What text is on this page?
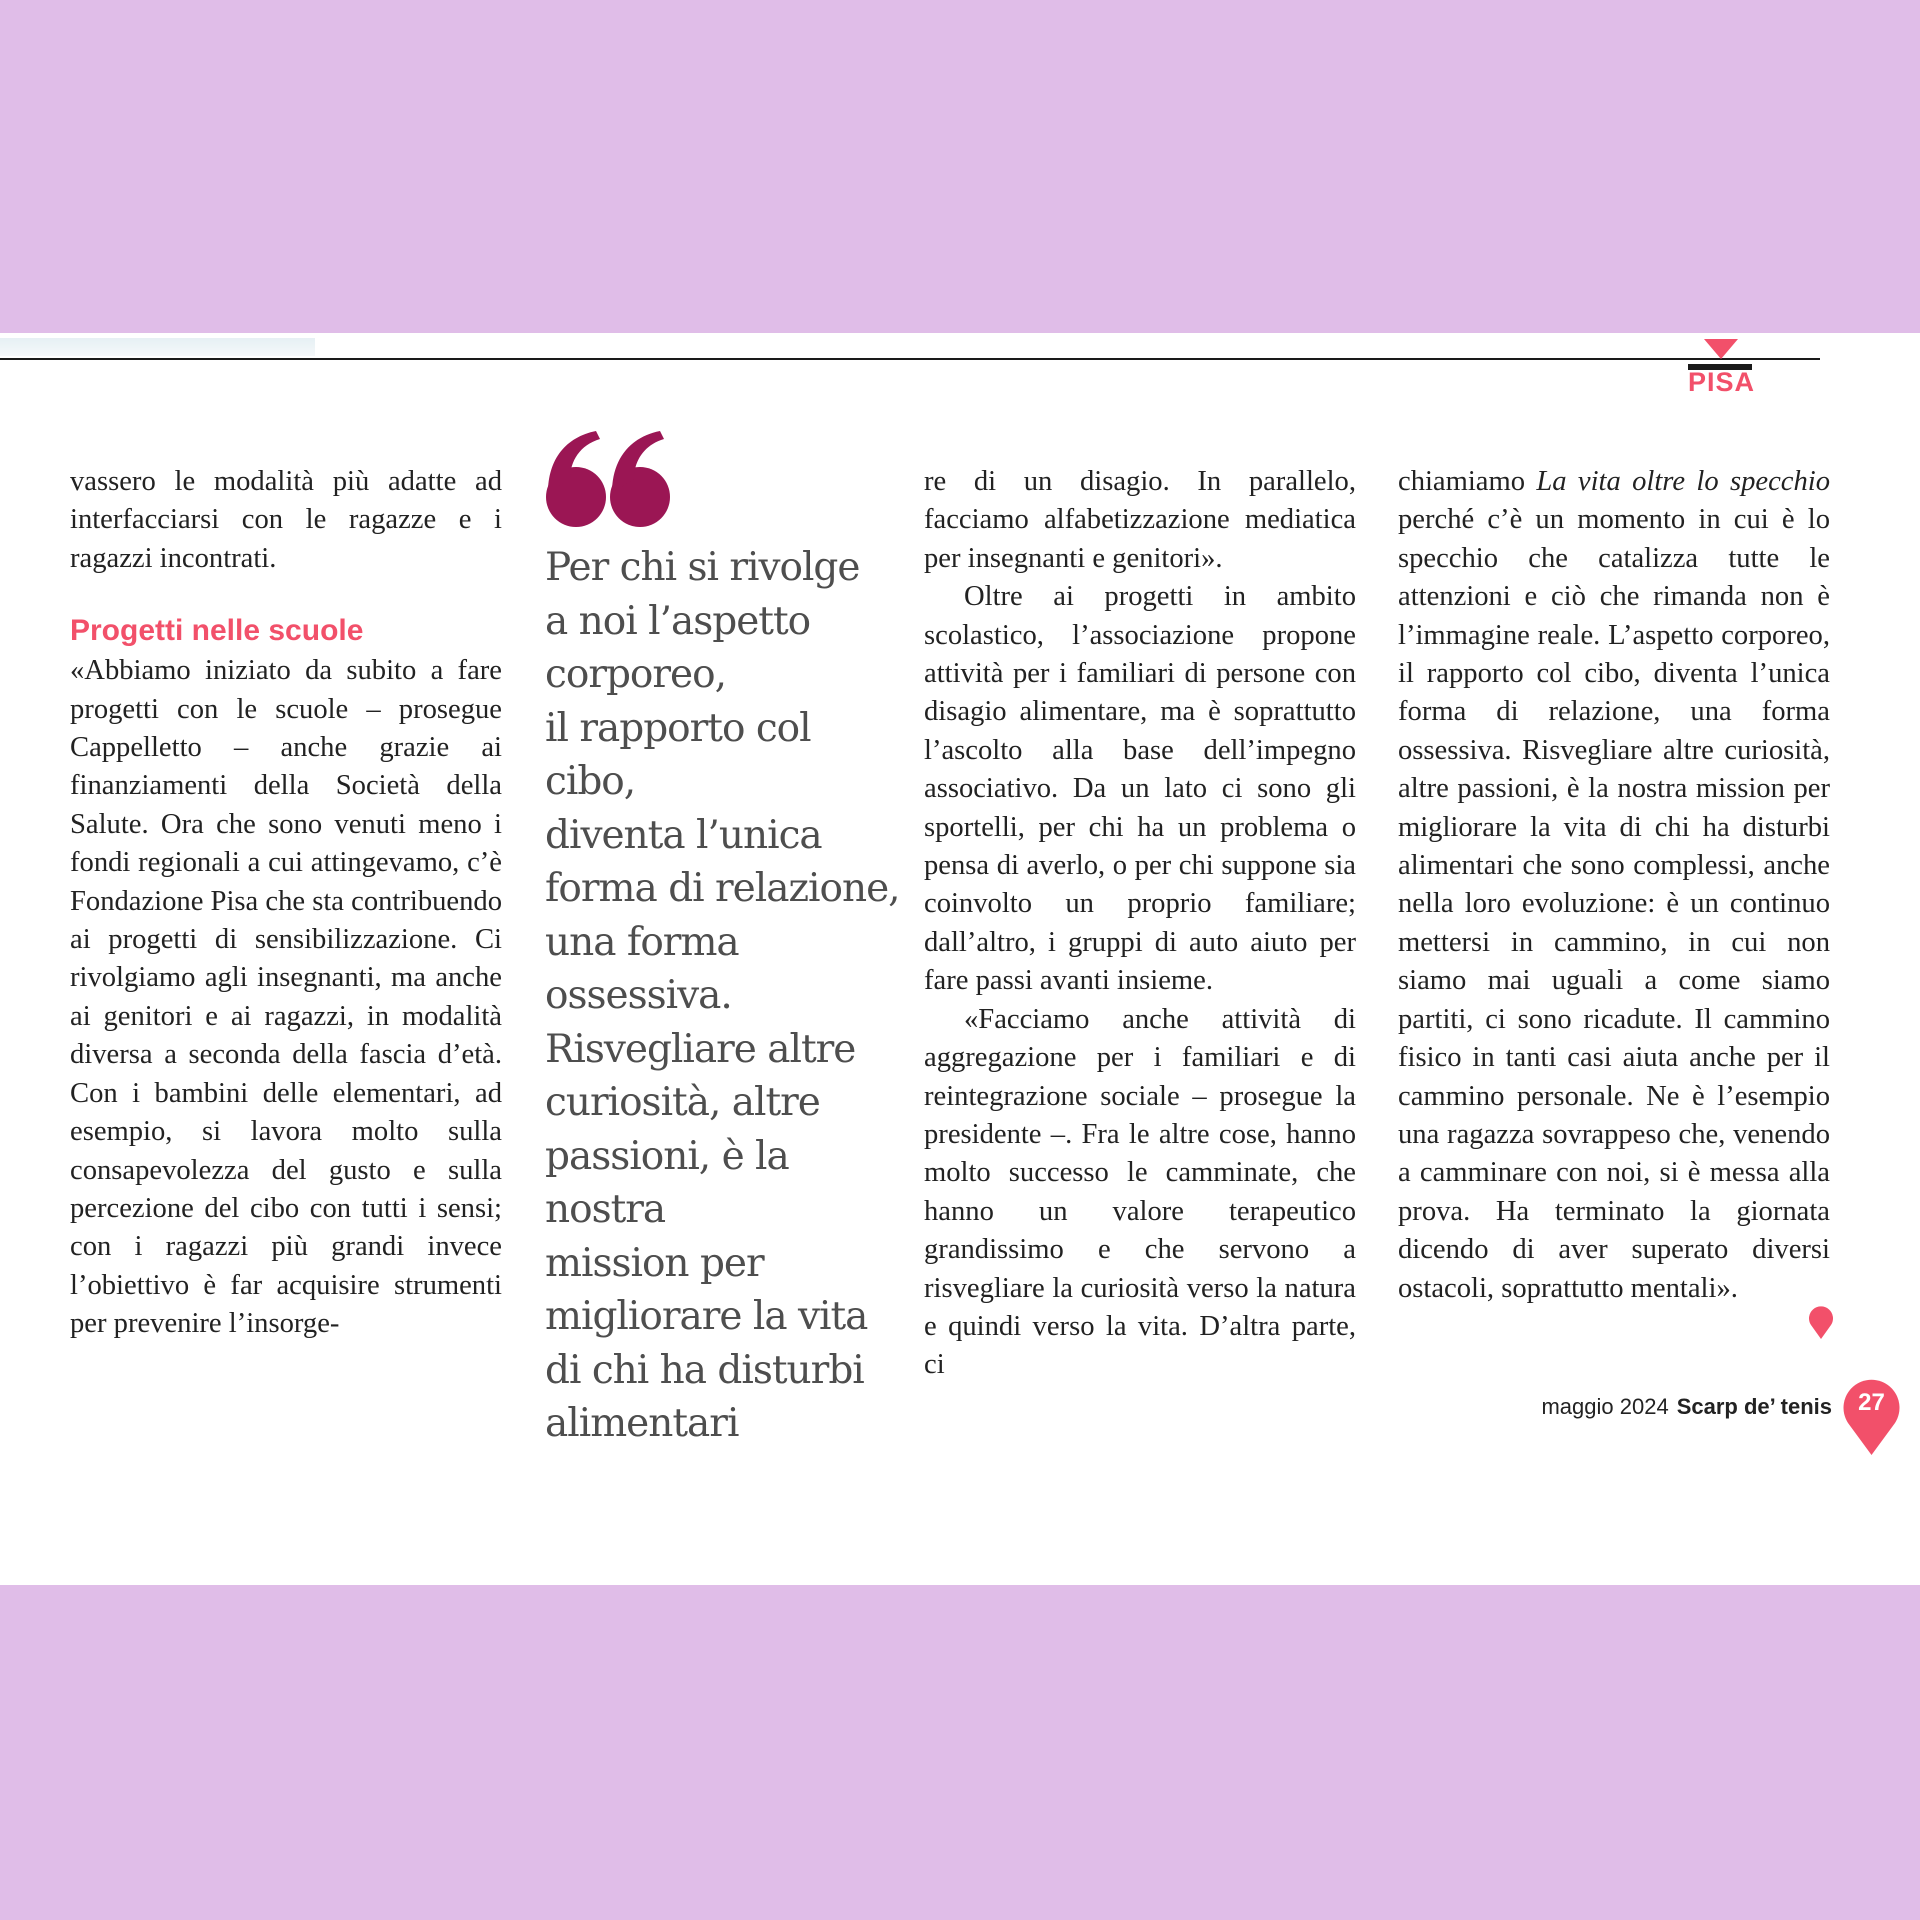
PISA

vassero le modalità più adatte ad interfacciarsi con le ragazze e i ragazzi incontrati.

Progetti nelle scuole

«Abbiamo iniziato da subito a fare progetti con le scuole – prosegue Cappelletto – anche grazie ai finanziamenti della Società della Salute. Ora che sono venuti meno i fondi regionali a cui attingevamo, c’è Fondazione Pisa che sta contribuendo ai progetti di sensibilizzazione. Ci rivolgiamo agli insegnanti, ma anche ai genitori e ai ragazzi, in modalità diversa a seconda della fascia d’età. Con i bambini delle elementari, ad esempio, si lavora molto sulla consapevolezza del gusto e sulla percezione del cibo con tutti i sensi; con i ragazzi più grandi invece l’obiettivo è far acquisire strumenti per prevenire l’insorge-

Per chi si rivolge
a noi l’aspetto
corporeo,
il rapporto col cibo,
diventa l’unica
forma di relazione,
una forma
ossessiva.
Risvegliare altre
curiosità, altre
passioni, è la nostra
mission per
migliorare la vita
di chi ha disturbi
alimentari

re di un disagio. In parallelo, facciamo alfabetizzazione mediatica per insegnanti e genitori».

Oltre ai progetti in ambito scolastico, l’associazione propone attività per i familiari di persone con disagio alimentare, ma è soprattutto l’ascolto alla base dell’impegno associativo. Da un lato ci sono gli sportelli, per chi ha un problema o pensa di averlo, o per chi suppone sia coinvolto un proprio familiare; dall’altro, i gruppi di auto aiuto per fare passi avanti insieme.

«Facciamo anche attività di aggregazione per i familiari e di reintegrazione sociale – prosegue la presidente –. Fra le altre cose, hanno molto successo le camminate, che hanno un valore terapeutico grandissimo e che servono a risvegliare la curiosità verso la natura e quindi verso la vita. D’altra parte, ci

chiamiamo La vita oltre lo specchio perché c’è un momento in cui è lo specchio che catalizza tutte le attenzioni e ciò che rimanda non è l’immagine reale. L’aspetto corporeo, il rapporto col cibo, diventa l’unica forma di relazione, una forma ossessiva. Risvegliare altre curiosità, altre passioni, è la nostra mission per migliorare la vita di chi ha disturbi alimentari che sono complessi, anche nella loro evoluzione: è un continuo mettersi in cammino, in cui non siamo mai uguali a come siamo partiti, ci sono ricadute. Il cammino fisico in tanti casi aiuta anche per il cammino personale. Ne è l’esempio una ragazza sovrappeso che, venendo a camminare con noi, si è messa alla prova. Ha terminato la giornata dicendo di aver superato diversi ostacoli, soprattutto mentali».

maggio 2024 Scarp de’ tenis	27
